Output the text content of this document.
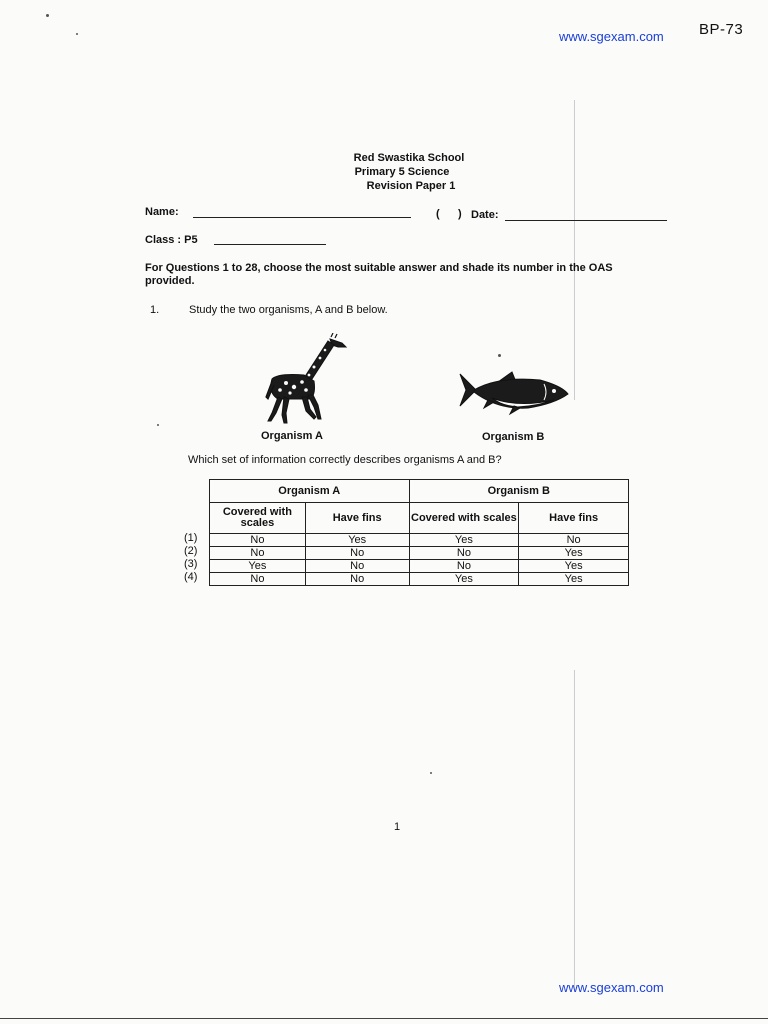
www.sgexam.com BP-73
Red Swastika School
Primary 5 Science
Revision Paper 1
Name:	(      ) Date:
Class : P5
For Questions 1 to 28, choose the most suitable answer and shade its number in the OAS provided.
1.	Study the two organisms, A and B below.
Organism A	Organism B
Which set of information correctly describes organisms A and B?
Organism A		Organism B	
Covered with scales	Have fins	Covered with scales	Have fins
No	Yes	Yes	No
No	No	No	Yes
Yes	No	No	Yes
No	No	Yes	Yes
(1)
(2)
(3)
(4)
1
www.sgexam.com
